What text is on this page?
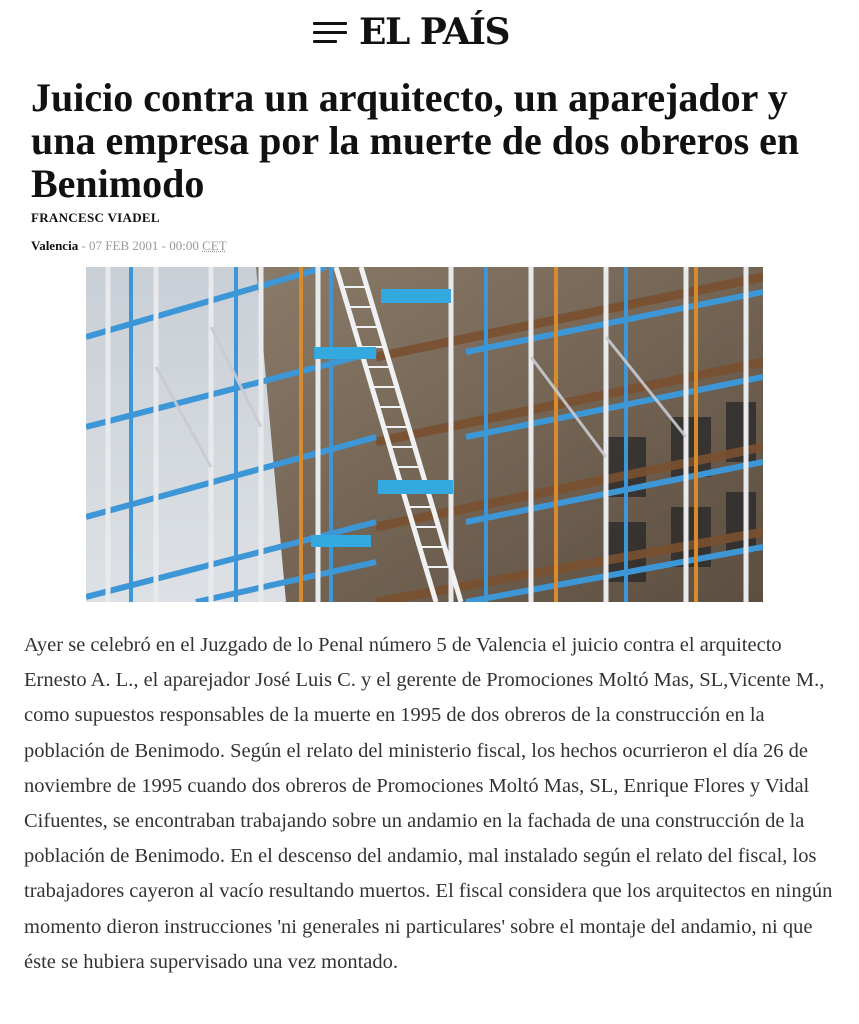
EL PAÍS
Juicio contra un arquitecto, un aparejador y una empresa por la muerte de dos obreros en Benimodo
FRANCESC VIADEL
Valencia - 07 FEB 2001 - 00:00 CET

Ayer se celebró en el Juzgado de lo Penal número 5 de Valencia el juicio contra el arquitecto Ernesto A. L., el aparejador José Luis C. y el gerente de Promociones Moltó Mas, SL,Vicente M., como supuestos responsables de la muerte en 1995 de dos obreros de la construcción en la población de Benimodo. Según el relato del ministerio fiscal, los hechos ocurrieron el día 26 de noviembre de 1995 cuando dos obreros de Promociones Moltó Mas, SL, Enrique Flores y Vidal Cifuentes, se encontraban trabajando sobre un andamio en la fachada de una construcción de la población de Benimodo. En el descenso del andamio, mal instalado según el relato del fiscal, los trabajadores cayeron al vacío resultando muertos. El fiscal considera que los arquitectos en ningún momento dieron instrucciones 'ni generales ni particulares' sobre el montaje del andamio, ni que éste se hubiera supervisado una vez montado.
